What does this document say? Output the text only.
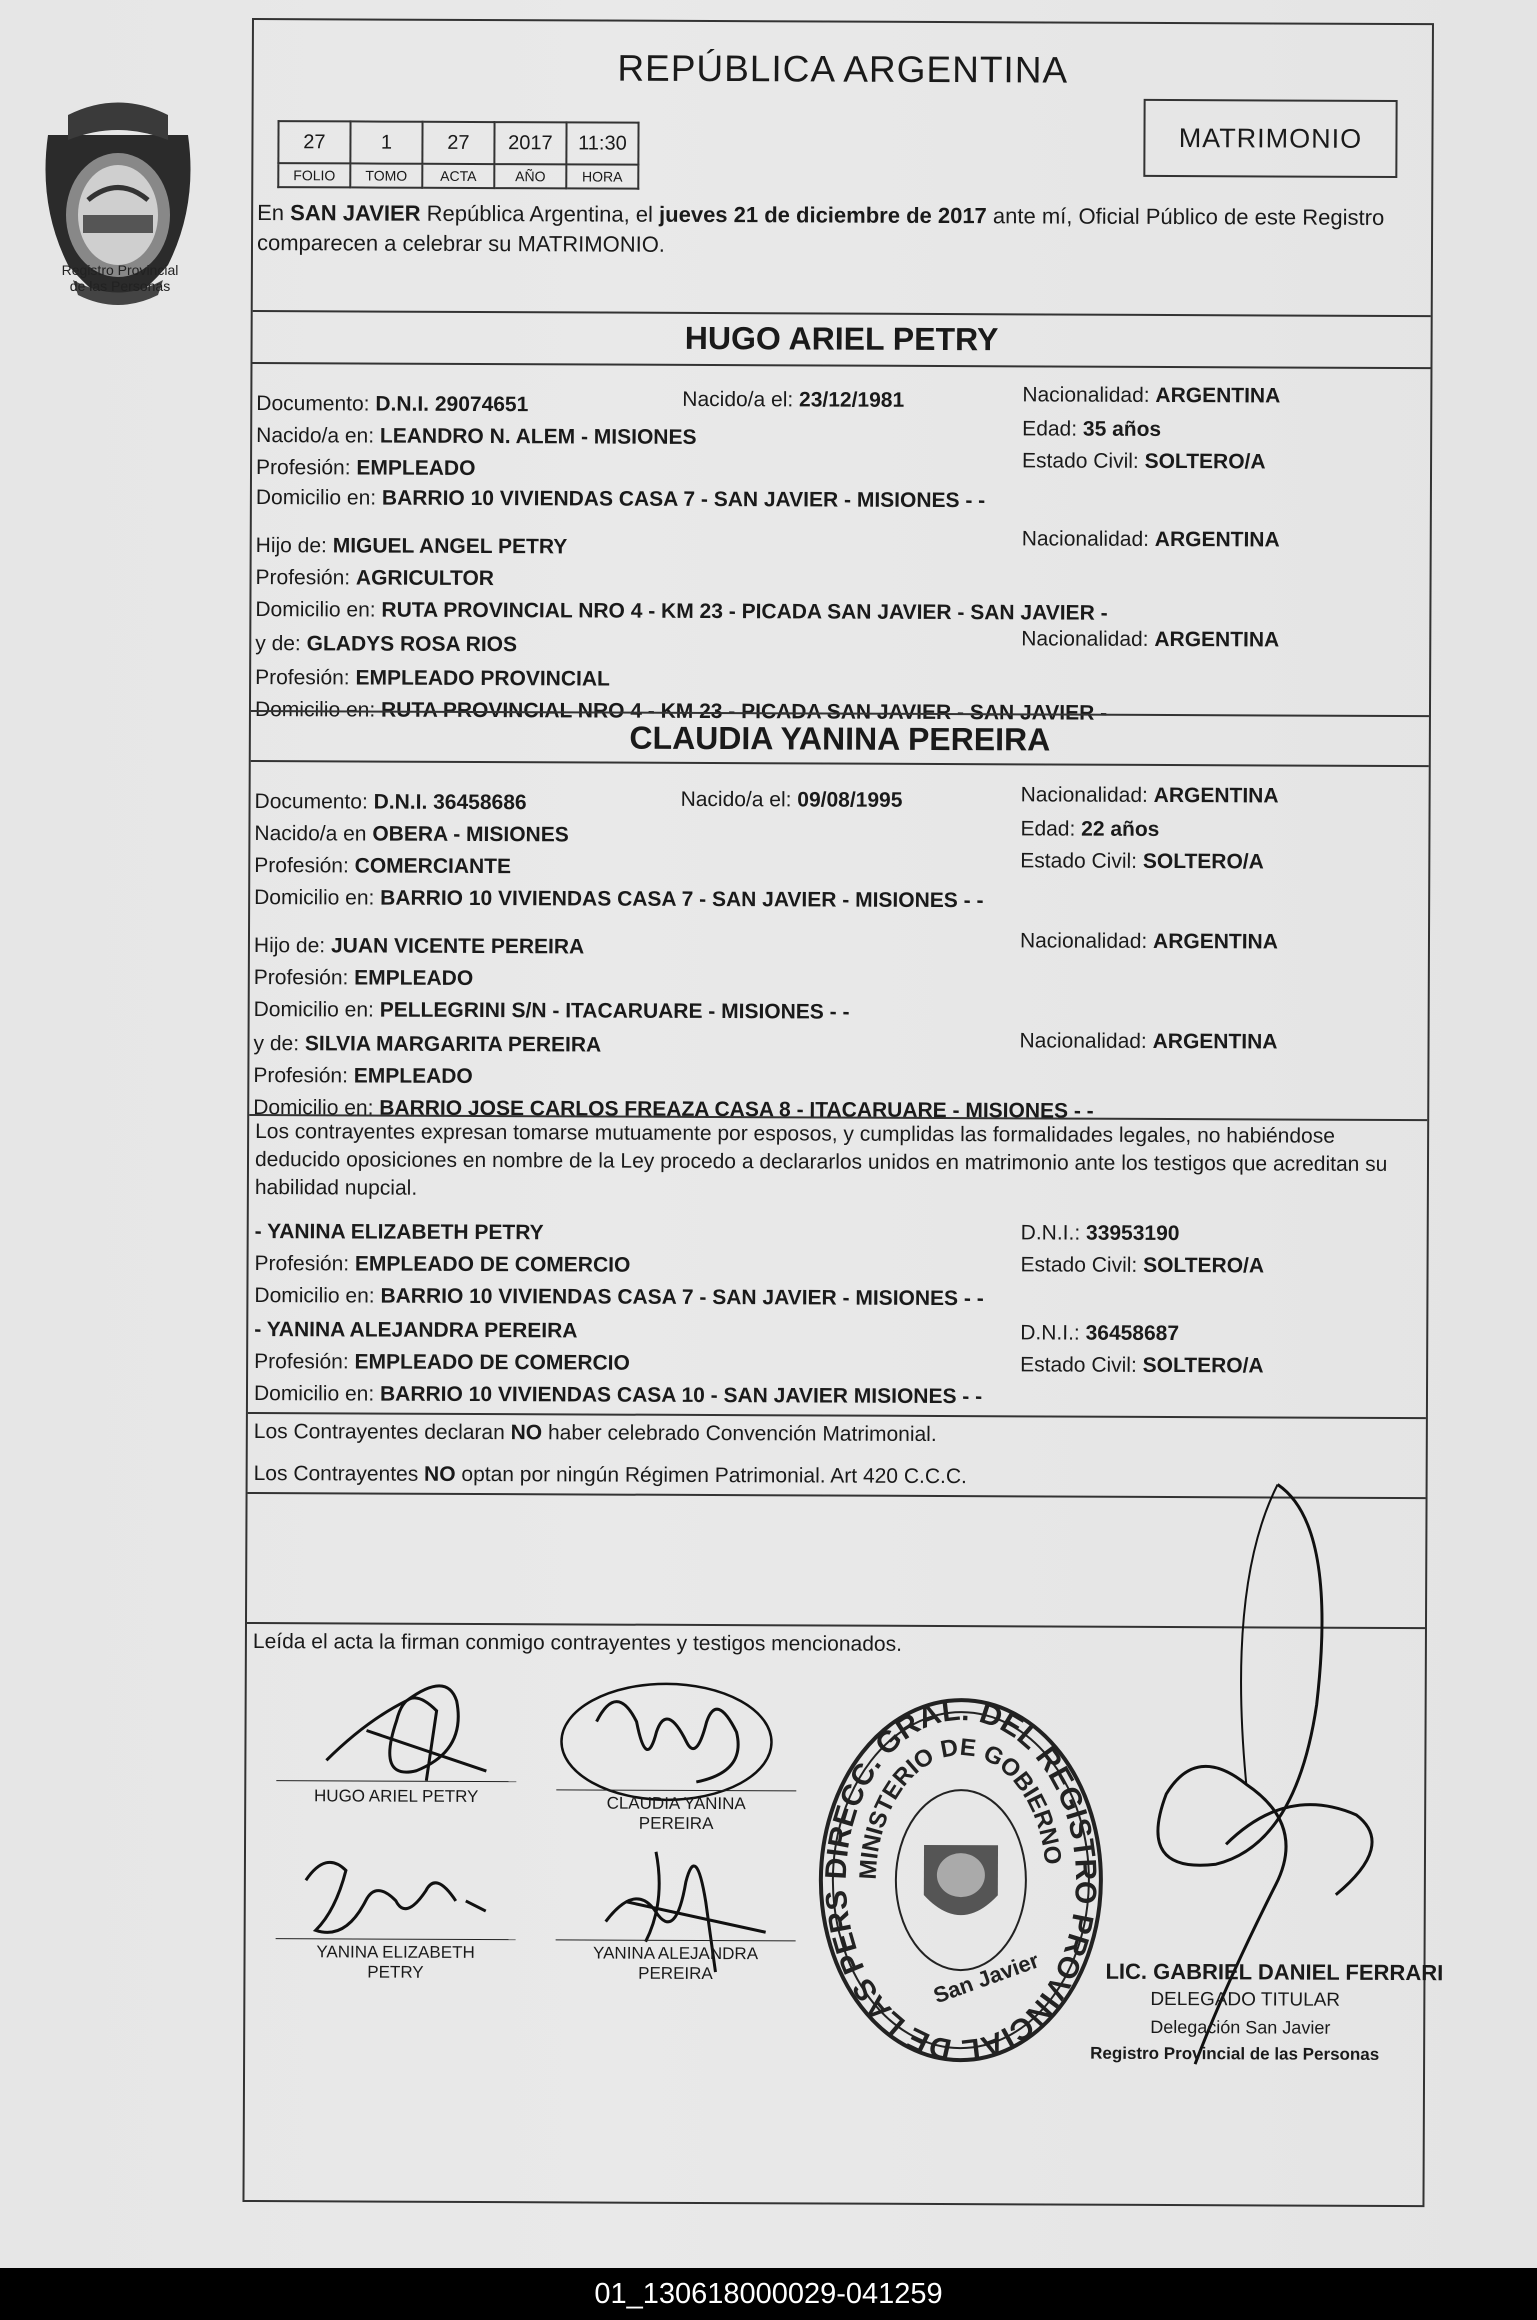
Registro Provincial
de las Personas
REPÚBLICA ARGENTINA
27	1	27	2017	11:30
FOLIO	TOMO	ACTA	AÑO	HORA
MATRIMONIO
En SAN JAVIER República Argentina, el jueves 21 de diciembre de 2017 ante mí, Oficial Público de este Registro comparecen a celebrar su MATRIMONIO.
HUGO ARIEL PETRY
Documento: D.N.I. 29074651	Nacido/a el: 23/12/1981	Nacionalidad: ARGENTINA
Nacido/a en: LEANDRO N. ALEM - MISIONES	Edad: 35 años
Profesión: EMPLEADO	Estado Civil: SOLTERO/A
Domicilio en: BARRIO 10 VIVIENDAS CASA 7 - SAN JAVIER - MISIONES - -
Hijo de: MIGUEL ANGEL PETRY	Nacionalidad: ARGENTINA
Profesión: AGRICULTOR
Domicilio en: RUTA PROVINCIAL NRO 4 - KM 23 - PICADA SAN JAVIER - SAN JAVIER -
y de: GLADYS ROSA RIOS	Nacionalidad: ARGENTINA
Profesión: EMPLEADO PROVINCIAL
Domicilio en: RUTA PROVINCIAL NRO 4 - KM 23 - PICADA SAN JAVIER - SAN JAVIER -
CLAUDIA YANINA PEREIRA
Documento: D.N.I. 36458686	Nacido/a el: 09/08/1995	Nacionalidad: ARGENTINA
Nacido/a en OBERA - MISIONES	Edad: 22 años
Profesión: COMERCIANTE	Estado Civil: SOLTERO/A
Domicilio en: BARRIO 10 VIVIENDAS CASA 7 - SAN JAVIER - MISIONES - -
Hijo de: JUAN VICENTE PEREIRA	Nacionalidad: ARGENTINA
Profesión: EMPLEADO
Domicilio en: PELLEGRINI S/N - ITACARUARE - MISIONES - -
y de: SILVIA MARGARITA PEREIRA	Nacionalidad: ARGENTINA
Profesión: EMPLEADO
Domicilio en: BARRIO JOSE CARLOS FREAZA CASA 8 - ITACARUARE - MISIONES - -
Los contrayentes expresan tomarse mutuamente por esposos, y cumplidas las formalidades legales, no habiéndose deducido oposiciones en nombre de la Ley procedo a declararlos unidos en matrimonio ante los testigos que acreditan su habilidad nupcial.
- YANINA ELIZABETH PETRY	D.N.I.: 33953190
Profesión: EMPLEADO DE COMERCIO	Estado Civil: SOLTERO/A
Domicilio en: BARRIO 10 VIVIENDAS CASA 7 - SAN JAVIER - MISIONES - -
- YANINA ALEJANDRA PEREIRA	D.N.I.: 36458687
Profesión: EMPLEADO DE COMERCIO	Estado Civil: SOLTERO/A
Domicilio en: BARRIO 10 VIVIENDAS CASA 10 - SAN JAVIER MISIONES - -
Los Contrayentes declaran NO haber celebrado Convención Matrimonial.
Los Contrayentes NO optan por ningún Régimen Patrimonial. Art 420 C.C.C.
Leída el acta la firman conmigo contrayentes y testigos mencionados.
HUGO ARIEL PETRY	CLAUDIA YANINA
PEREIRA
YANINA ELIZABETH
PETRY
YANINA ALEJANDRA
PEREIRA
DIRECC. GRAL. DEL REGISTRO PROVINCIAL DE LAS PERSONAS
MINISTERIO DE GOBIERNO
San Javier	LIC. GABRIEL DANIEL FERRARI
DELEGADO TITULAR
Delegación San Javier
Registro Provincial de las Personas
01_130618000029-041259
